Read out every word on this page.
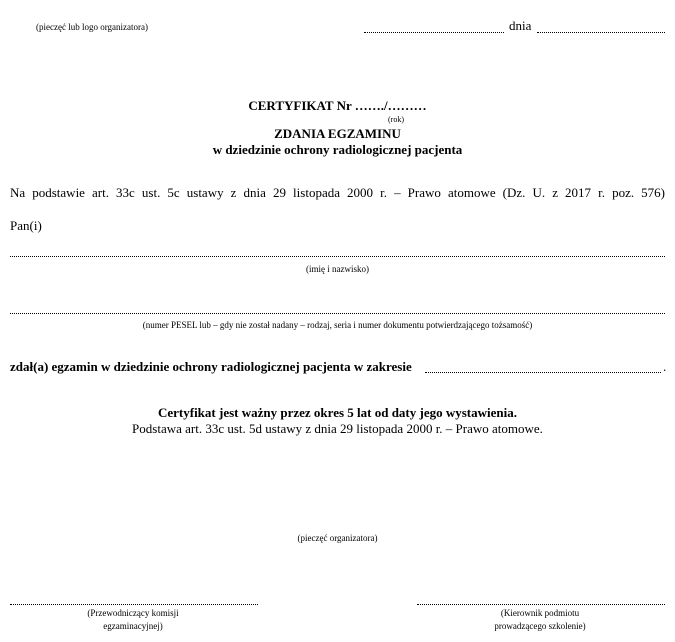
(pieczęć lub logo organizatora)	dnia
CERTYFIKAT Nr ……./………
(rok)
ZDANIA EGZAMINU
w dziedzinie ochrony radiologicznej pacjenta
Na podstawie art. 33c ust. 5c ustawy z dnia 29 listopada 2000 r. – Prawo atomowe (Dz. U. z 2017 r. poz. 576)
Pan(i)
(imię i nazwisko)
(numer PESEL lub – gdy nie został nadany – rodzaj, seria i numer dokumentu potwierdzającego tożsamość)
zdał(a) egzamin w dziedzinie ochrony radiologicznej pacjenta w zakresie	.
Certyfikat jest ważny przez okres 5 lat od daty jego wystawienia.
Podstawa art. 33c ust. 5d ustawy z dnia 29 listopada 2000 r. – Prawo atomowe.
(pieczęć organizatora)
(Przewodniczący komisji
egzaminacyjnej)
(Kierownik podmiotu
prowadzącego szkolenie)
